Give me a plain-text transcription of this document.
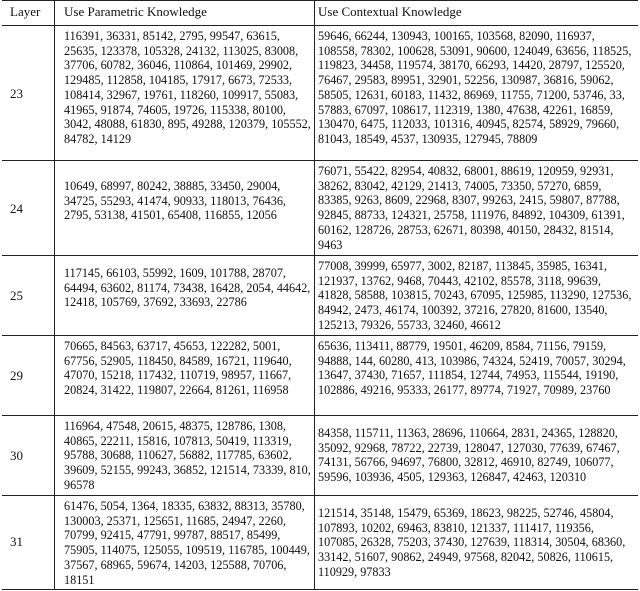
Layer	Use Parametric Knowledge	Use Contextual Knowledge
23
116391, 36331, 85142, 2795, 99547, 63615, 25635, 123378, 105328, 24132, 113025, 83008, 37706, 60782, 36046, 110864, 101469, 29902, 129485, 112858, 104185, 17917, 6673, 72533, 108414, 32967, 19761, 118260, 109917, 55083, 41965, 91874, 74605, 19726, 115338, 80100, 3042, 48088, 61830, 895, 49288, 120379, 105552, 84782, 14129
59646, 66244, 130943, 100165, 103568, 82090, 116937, 108558, 78302, 100628, 53091, 90600, 124049, 63656, 118525, 119823, 34458, 119574, 38170, 66293, 14420, 28797, 125520, 76467, 29583, 89951, 32901, 52256, 130987, 36816, 59062, 58505, 12631, 60183, 11432, 86969, 11755, 71200, 53746, 33, 57883, 67097, 108617, 112319, 1380, 47638, 42261, 16859, 130470, 6475, 112033, 101316, 40945, 82574, 58929, 79660, 81043, 18549, 4537, 130935, 127945, 78809
24
10649, 68997, 80242, 38885, 33450, 29004, 34725, 55293, 41474, 90933, 118013, 76436, 2795, 53138, 41501, 65408, 116855, 12056
76071, 55422, 82954, 40832, 68001, 88619, 120959, 92931, 38262, 83042, 42129, 21413, 74005, 73350, 57270, 6859, 83385, 9263, 8609, 22968, 8307, 99263, 2415, 59807, 87788, 92845, 88733, 124321, 25758, 111976, 84892, 104309, 61391, 60162, 128726, 28753, 62671, 80398, 40150, 28432, 81514, 9463
25
117145, 66103, 55992, 1609, 101788, 28707, 64494, 63602, 81174, 73438, 16428, 2054, 44642, 12418, 105769, 37692, 33693, 22786
77008, 39999, 65977, 3002, 82187, 113845, 35985, 16341, 121937, 13762, 9468, 70443, 42102, 85578, 3118, 99639, 41828, 58588, 103815, 70243, 67095, 125985, 113290, 127536, 84942, 2473, 46174, 100392, 37216, 27820, 81600, 13540, 125213, 79326, 55733, 32460, 46612
29
70665, 84563, 63717, 45653, 122282, 5001, 67756, 52905, 118450, 84589, 16721, 119640, 47070, 15218, 117432, 110719, 98957, 11667, 20824, 31422, 119807, 22664, 81261, 116958
65636, 113411, 88779, 19501, 46209, 8584, 71156, 79159, 94888, 144, 60280, 413, 103986, 74324, 52419, 70057, 30294, 13647, 37430, 71657, 111854, 12744, 74953, 115544, 19190, 102886, 49216, 95333, 26177, 89774, 71927, 70989, 23760
30
116964, 47548, 20615, 48375, 128786, 1308, 40865, 22211, 15816, 107813, 50419, 113319, 95788, 30688, 110627, 56882, 117785, 63602, 39609, 52155, 99243, 36852, 121514, 73339, 810, 96578
84358, 115711, 11363, 28696, 110664, 2831, 24365, 128820, 35092, 92968, 78722, 22739, 128047, 127030, 77639, 67467, 74131, 56766, 94697, 76800, 32812, 46910, 82749, 106077, 59596, 103936, 4505, 129363, 126847, 42463, 120310
31
61476, 5054, 1364, 18335, 63832, 88313, 35780, 130003, 25371, 125651, 11685, 24947, 2260, 70799, 92415, 47791, 99787, 88517, 85499, 75905, 114075, 125055, 109519, 116785, 100449, 37567, 68965, 59674, 14203, 125588, 70706, 18151
121514, 35148, 15479, 65369, 18623, 98225, 52746, 45804, 107893, 10202, 69463, 83810, 121337, 111417, 119356, 107085, 26328, 75203, 37430, 127639, 118314, 30504, 68360, 33142, 51607, 90862, 24949, 97568, 82042, 50826, 110615, 110929, 97833
